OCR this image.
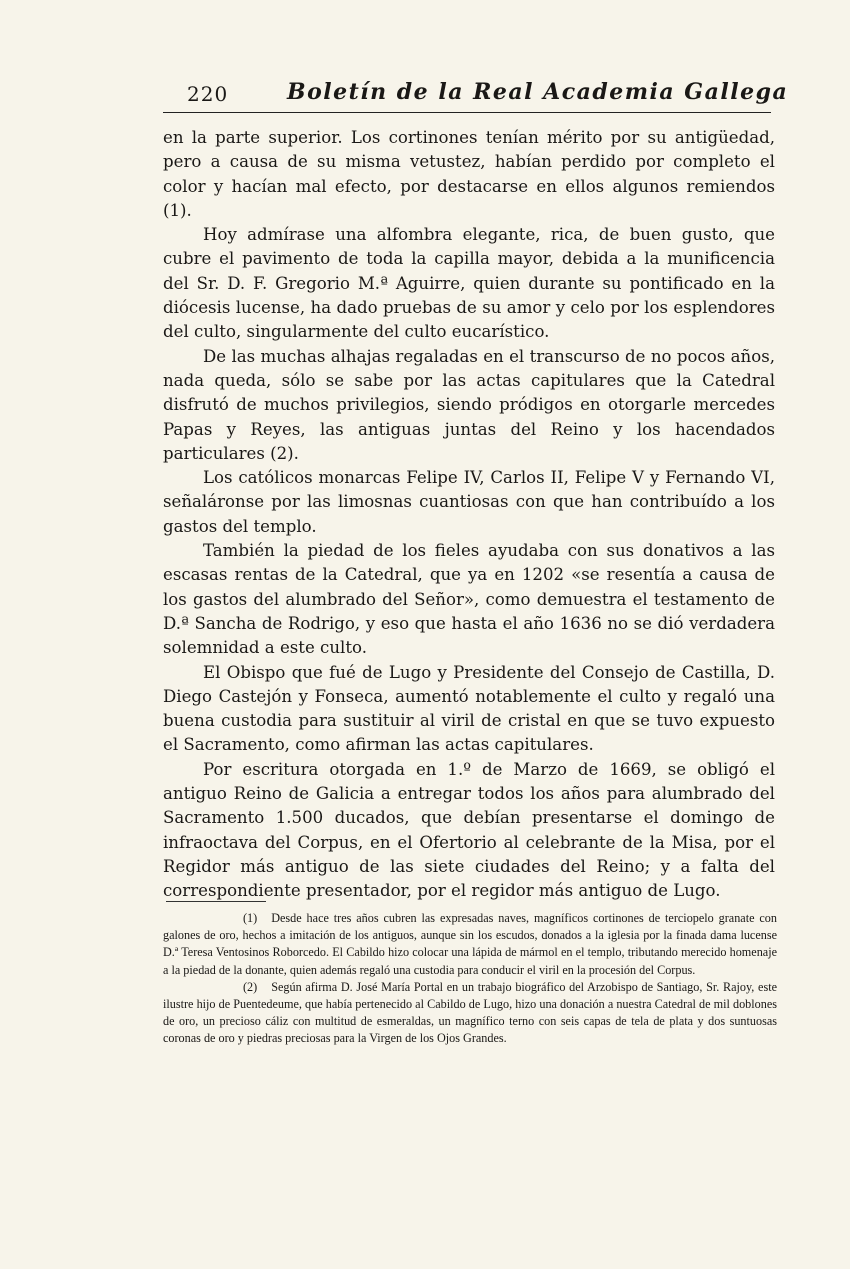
220	Boletín de la Real Academia Gallega

en la parte superior. Los cortinones tenían mérito por su antigüedad, pero a causa de su misma vetustez, habían perdido por completo el color y hacían mal efecto, por destacarse en ellos algunos remiendos (1).

Hoy admírase una alfombra elegante, rica, de buen gusto, que cubre el pavimento de toda la capilla mayor, debida a la munificencia del Sr. D. F. Gregorio M.ª Aguirre, quien durante su pontificado en la diócesis lucense, ha dado pruebas de su amor y celo por los esplendores del culto, singularmente del culto eucarístico.

De las muchas alhajas regaladas en el transcurso de no pocos años, nada queda, sólo se sabe por las actas capitulares que la Catedral disfrutó de muchos privilegios, siendo pródigos en otorgarle mercedes Papas y Reyes, las antiguas juntas del Reino y los hacendados particulares (2).

Los católicos monarcas Felipe IV, Carlos II, Felipe V y Fernando VI, señaláronse por las limosnas cuantiosas con que han contribuído a los gastos del templo.

También la piedad de los fieles ayudaba con sus donativos a las escasas rentas de la Catedral, que ya en 1202 «se resentía a causa de los gastos del alumbrado del Señor», como demuestra el testamento de D.ª Sancha de Rodrigo, y eso que hasta el año 1636 no se dió verdadera solemnidad a este culto.

El Obispo que fué de Lugo y Presidente del Consejo de Castilla, D. Diego Castejón y Fonseca, aumentó notablemente el culto y regaló una buena custodia para sustituir al viril de cristal en que se tuvo expuesto el Sacramento, como afirman las actas capitulares.

Por escritura otorgada en 1.º de Marzo de 1669, se obligó el antiguo Reino de Galicia a entregar todos los años para alumbrado del Sacramento 1.500 ducados, que debían presentarse el domingo de infraoctava del Corpus, en el Ofertorio al celebrante de la Misa, por el Regidor más antiguo de las siete ciudades del Reino; y a falta del correspondiente presentador, por el regidor más antiguo de Lugo.

(1) Desde hace tres años cubren las expresadas naves, magníficos cortinones de terciopelo granate con galones de oro, hechos a imitación de los antiguos, aunque sin los escudos, donados a la iglesia por la finada dama lucense D.ª Teresa Ventosinos Roborcedo. El Cabildo hizo colocar una lápida de mármol en el templo, tributando merecido homenaje a la piedad de la donante, quien además regaló una custodia para conducir el viril en la procesión del Corpus.

(2) Según afirma D. José María Portal en un trabajo biográfico del Arzobispo de Santiago, Sr. Rajoy, este ilustre hijo de Puentedeume, que había pertenecido al Cabildo de Lugo, hizo una donación a nuestra Catedral de mil doblones de oro, un precioso cáliz con multitud de esmeraldas, un magnífico terno con seis capas de tela de plata y dos suntuosas coronas de oro y piedras preciosas para la Virgen de los Ojos Grandes.
